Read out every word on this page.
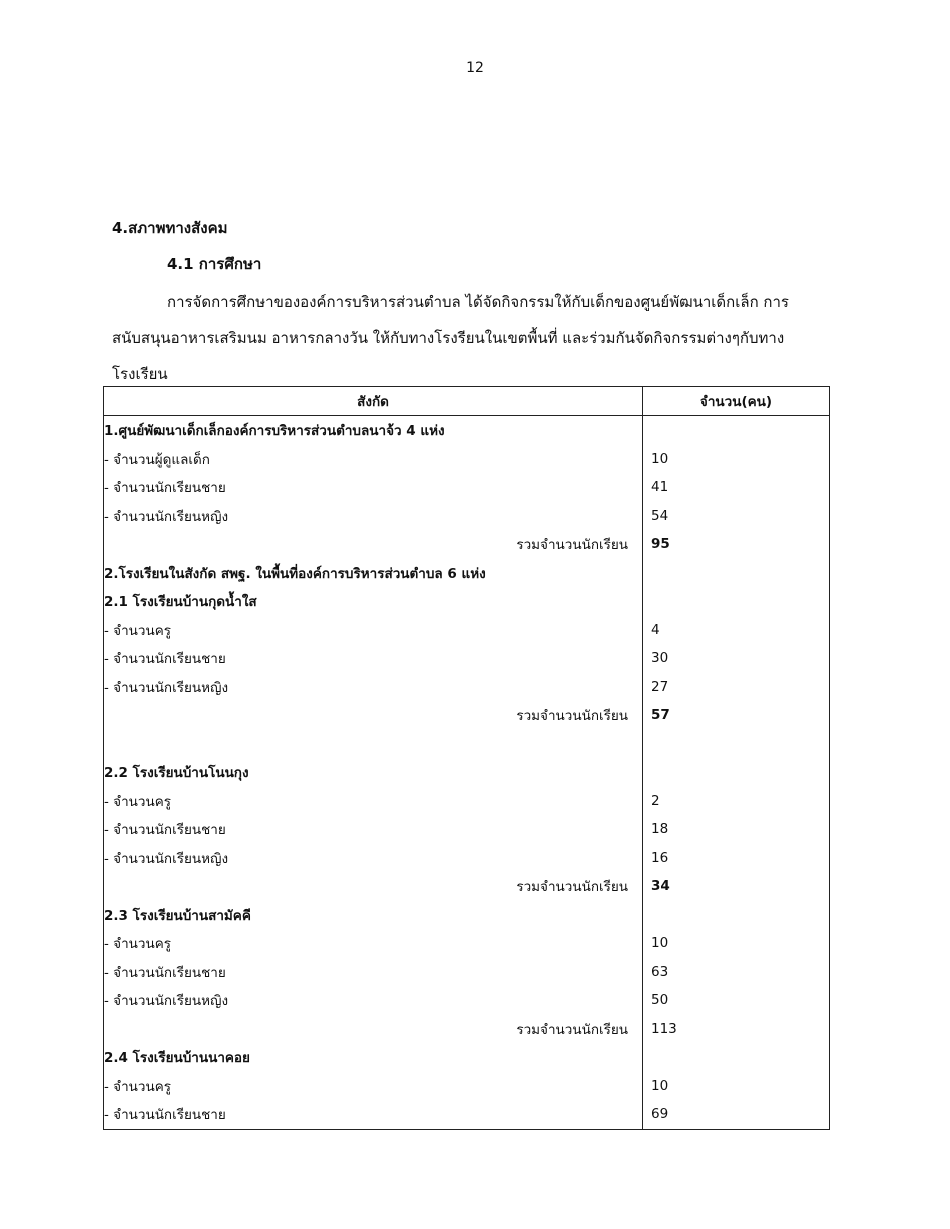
12
4.สภาพทางสังคม
4.1 การศึกษา
การจัดการศึกษาขององค์การบริหารส่วนตำบล ได้จัดกิจกรรมให้กับเด็กของศูนย์พัฒนาเด็กเล็ก การ
สนับสนุนอาหารเสริมนม อาหารกลางวัน ให้กับทางโรงรียนในเขตพื้นที่ และร่วมกันจัดกิจกรรมต่างๆกับทาง
โรงเรียน
สังกัด	จำนวน(คน)
1.ศูนย์พัฒนาเด็กเล็กองค์การบริหารส่วนตำบลนาจ้ว 4 แห่ง	
- จำนวนผู้ดูแลเด็ก	10
- จำนวนนักเรียนชาย	41
- จำนวนนักเรียนหญิง	54
รวมจำนวนนักเรียน	95
2.โรงเรียนในสังกัด สพฐ. ในพื้นที่องค์การบริหารส่วนตำบล 6 แห่ง	
2.1 โรงเรียนบ้านกุดน้ำใส	
- จำนวนครู	4
- จำนวนนักเรียนชาย	30
- จำนวนนักเรียนหญิง	27
รวมจำนวนนักเรียน	57

2.2 โรงเรียนบ้านโนนกุง	
- จำนวนครู	2
- จำนวนนักเรียนชาย	18
- จำนวนนักเรียนหญิง	16
รวมจำนวนนักเรียน	34
2.3 โรงเรียนบ้านสามัคคี	
- จำนวนครู	10
- จำนวนนักเรียนชาย	63
- จำนวนนักเรียนหญิง	50
รวมจำนวนนักเรียน	113
2.4 โรงเรียนบ้านนาคอย	
- จำนวนครู	10
- จำนวนนักเรียนชาย	69
